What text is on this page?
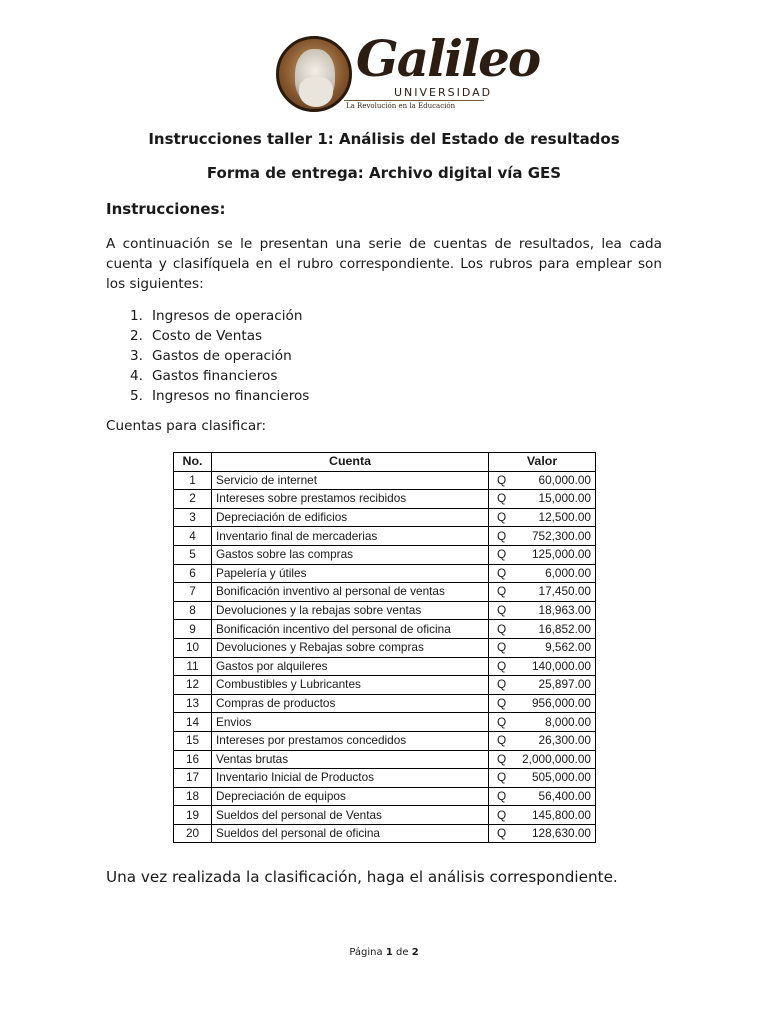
Galileo
UNIVERSIDAD
La Revolución en la Educación
Instrucciones taller 1: Análisis del Estado de resultados
Forma de entrega: Archivo digital vía GES
Instrucciones:

A continuación se le presentan una serie de cuentas de resultados, lea cada cuenta y clasifíquela en el rubro correspondiente. Los rubros para emplear son los siguientes:

1. Ingresos de operación
2. Costo de Ventas
3. Gastos de operación
4. Gastos financieros
5. Ingresos no financieros
Cuentas para clasificar:
No.	Cuenta	Valor
1	Servicio de internet	Q 60,000.00

2	Intereses sobre prestamos recibidos	Q 15,000.00

3	Depreciación de edificios	Q 12,500.00

4	Inventario final de mercaderias	Q 752,300.00

5	Gastos sobre las compras	Q 125,000.00

6	Papelería y útiles	Q 6,000.00

7	Bonificación inventivo al personal de ventas	Q 17,450.00

8	Devoluciones y la rebajas sobre ventas	Q 18,963.00

9	Bonificación incentivo del personal de oficina	Q 16,852.00

10	Devoluciones y Rebajas sobre compras	Q 9,562.00

11	Gastos por alquileres	Q 140,000.00

12	Combustibles y Lubricantes	Q 25,897.00

13	Compras de productos	Q 956,000.00

14	Envios	Q 8,000.00

15	Intereses por prestamos concedidos	Q 26,300.00

16	Ventas brutas	Q 2,000,000.00

17	Inventario Inicial de Productos	Q 505,000.00

18	Depreciación de equipos	Q 56,400.00

19	Sueldos del personal de Ventas	Q 145,800.00

20	Sueldos del personal de oficina	Q 128,630.00
Una vez realizada la clasificación, haga el análisis correspondiente.
Página 1 de 2
